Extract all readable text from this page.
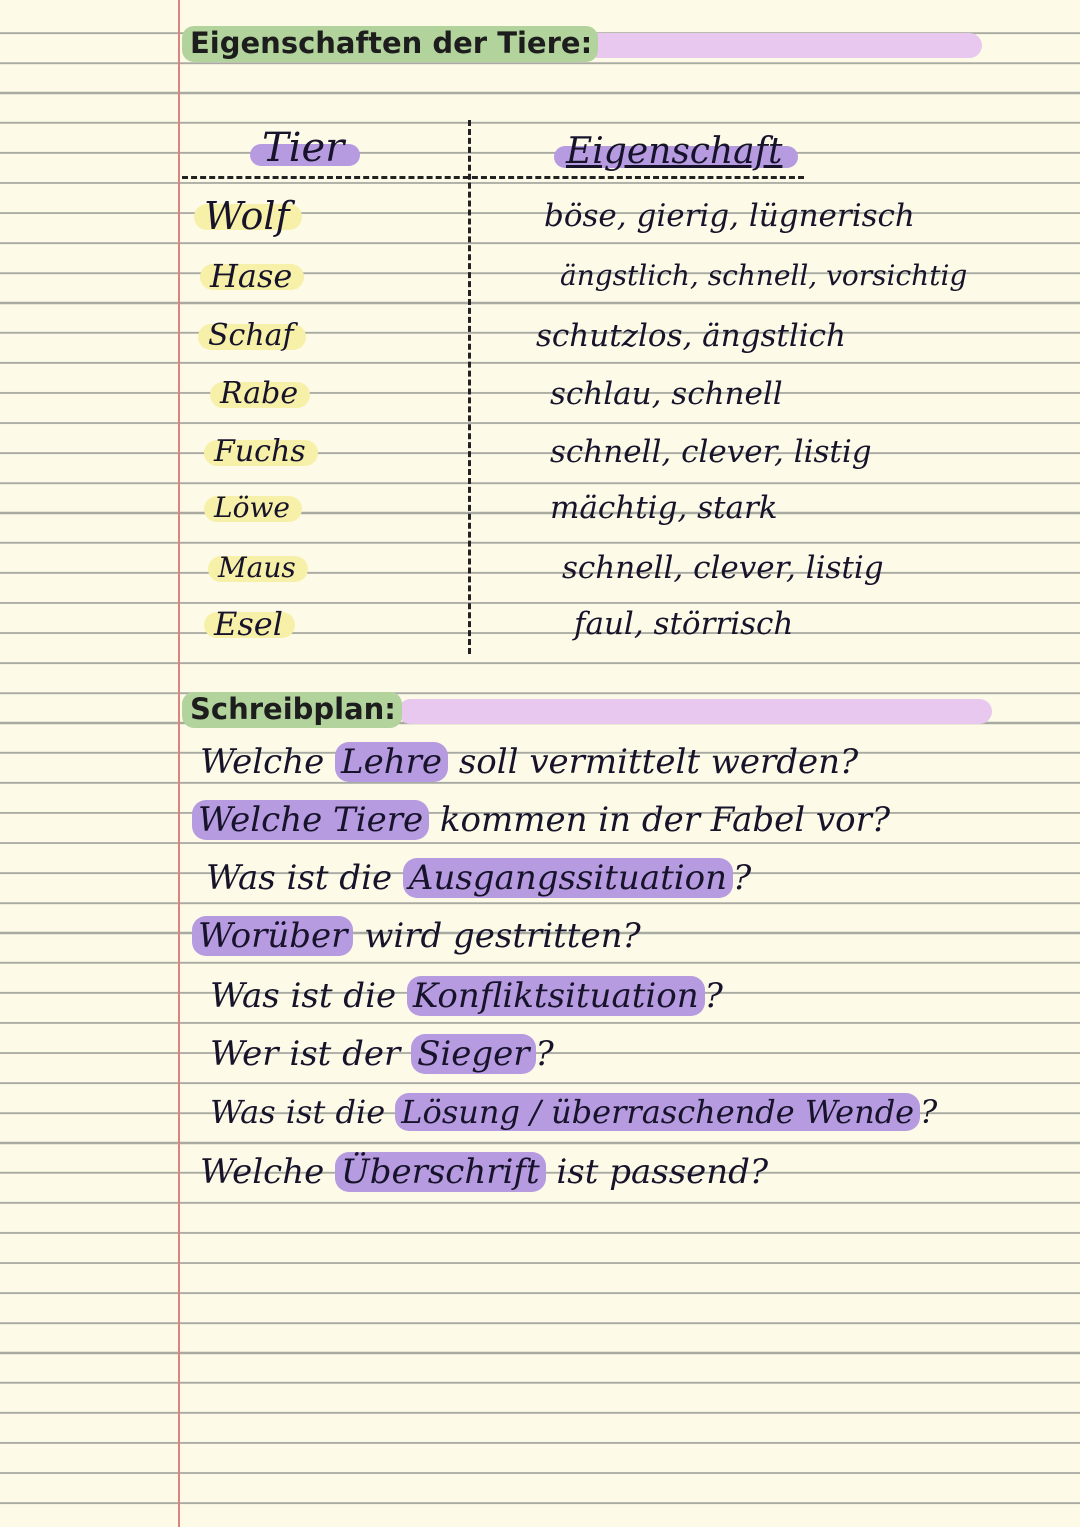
Eigenschaften der Tiere:
Tier	Eigenschaft
Wolf	böse, gierig, lügnerisch
Hase	ängstlich, schnell, vorsichtig
Schaf	schutzlos, ängstlich
Rabe	schlau, schnell
Fuchs	schnell, clever, listig
Löwe	mächtig, stark
Maus	schnell, clever, listig
Esel	faul, störrisch
Schreibplan:
Welche Lehre soll vermittelt werden?
Welche Tiere kommen in der Fabel vor?
Was ist die Ausgangssituation ?
Worüber wird gestritten?
Was ist die Konfliktsituation ?
Wer ist der Sieger ?
Was ist die Lösung / überraschende Wende ?
Welche Überschrift ist passend?
